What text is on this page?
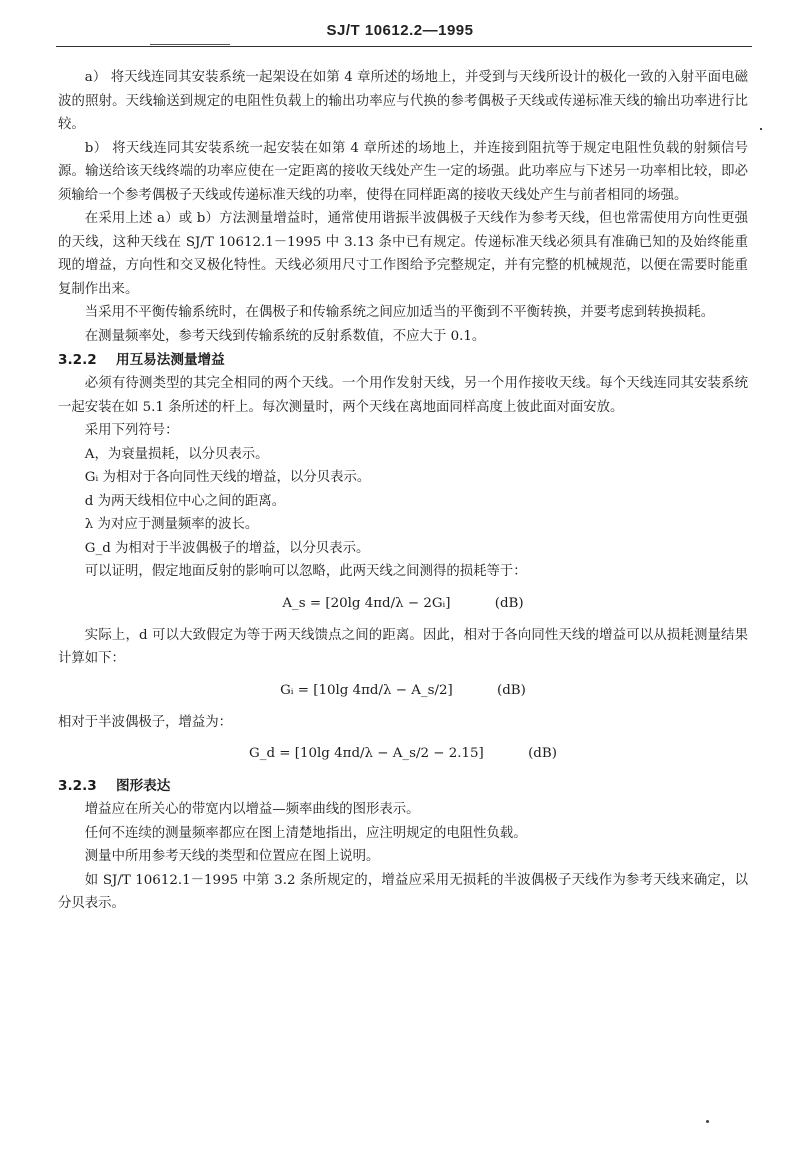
SJ/T 10612.2—1995

a） 将天线连同其安装系统一起架设在如第 4 章所述的场地上，并受到与天线所设计的极化一致的入射平面电磁波的照射。天线输送到规定的电阻性负载上的输出功率应与代换的参考偶极子天线或传递标准天线的输出功率进行比较。

b） 将天线连同其安装系统一起安装在如第 4 章所述的场地上，并连接到阻抗等于规定电阻性负载的射频信号源。输送给该天线终端的功率应使在一定距离的接收天线处产生一定的场强。此功率应与下述另一功率相比较，即必须输给一个参考偶极子天线或传递标准天线的功率，使得在同样距离的接收天线处产生与前者相同的场强。

在采用上述 a）或 b）方法测量增益时，通常使用谐振半波偶极子天线作为参考天线，但也常需使用方向性更强的天线，这种天线在 SJ/T 10612.1－1995 中 3.13 条中已有规定。传递标准天线必须具有准确已知的及始终能重现的增益，方向性和交叉极化特性。天线必须用尺寸工作图给予完整规定，并有完整的机械规范，以便在需要时能重复制作出来。

当采用不平衡传输系统时，在偶极子和传输系统之间应加适当的平衡到不平衡转换，并要考虑到转换损耗。

在测量频率处，参考天线到传输系统的反射系数值，不应大于 0.1。

3.2.2 用互易法测量增益

必须有待测类型的其完全相同的两个天线。一个用作发射天线，另一个用作接收天线。每个天线连同其安装系统一起安装在如 5.1 条所述的杆上。每次测量时，两个天线在离地面同样高度上彼此面对面安放。

采用下列符号：

A，为衰量损耗，以分贝表示。

Gᵢ 为相对于各向同性天线的增益，以分贝表示。

d 为两天线相位中心之间的距离。

λ 为对应于测量频率的波长。

G_d 为相对于半波偶极子的增益，以分贝表示。

可以证明，假定地面反射的影响可以忽略，此两天线之间测得的损耗等于：

A_s = [20lg 4πd/λ − 2Gᵢ]	(dB)

实际上，d 可以大致假定为等于两天线馈点之间的距离。因此，相对于各向同性天线的增益可以从损耗测量结果计算如下：

Gᵢ = [10lg 4πd/λ − A_s/2]	(dB)

相对于半波偶极子，增益为：

G_d = [10lg 4πd/λ − A_s/2 − 2.15]	(dB)
3.2.3 图形表达

增益应在所关心的带宽内以增益—频率曲线的图形表示。

任何不连续的测量频率都应在图上清楚地指出，应注明规定的电阻性负载。

测量中所用参考天线的类型和位置应在图上说明。

如 SJ/T 10612.1－1995 中第 3.2 条所规定的，增益应采用无损耗的半波偶极子天线作为参考天线来确定，以分贝表示。
